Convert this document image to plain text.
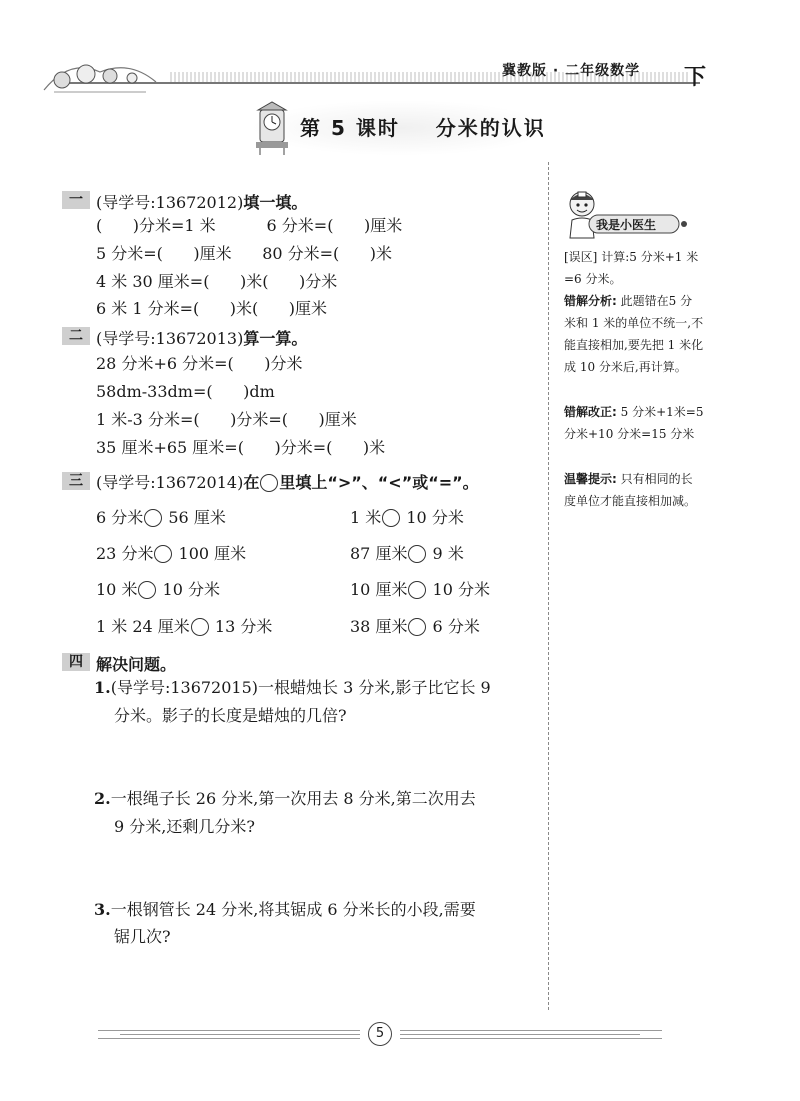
冀教版 · 二年级数学 下
第 5 课时    分米的认识
一 (导学号:13672012)填一填。
(      )分米=1 米          6 分米=(      )厘米
5 分米=(      )厘米      80 分米=(      )米
4 米 30 厘米=(      )米(      )分米
6 米 1 分米=(      )米(      )厘米
二 (导学号:13672013)算一算。
28 分米+6 分米=(      )分米
58dm-33dm=(      )dm
1 米-3 分米=(      )分米=(      )厘米
35 厘米+65 厘米=(      )分米=(      )米
三 (导学号:13672014)在 里填上“>”、“<”或“=”。
6 分米 56 厘米	1 米 10 分米
23 分米 100 厘米	87 厘米 9 米
10 米 10 分米	10 厘米 10 分米
1 米 24 厘米 13 分米	38 厘米 6 分米
四 解决问题。
1.(导学号:13672015)一根蜡烛长 3 分米,影子比它长 9
分米。影子的长度是蜡烛的几倍?
2.一根绳子长 26 分米,第一次用去 8 分米,第二次用去
9 分米,还剩几分米?
3.一根钢管长 24 分米,将其锯成 6 分米长的小段,需要
锯几次?
我是小医生
[误区] 计算:5 分米+1 米=6 分米。
错解分析: 此题错在5 分米和 1 米的单位不统一,不能直接相加,要先把 1 米化成 10 分米后,再计算。
错解改正: 5 分米+1米=5 分米+10 分米=15 分米
温馨提示: 只有相同的长度单位才能直接相加减。
5
